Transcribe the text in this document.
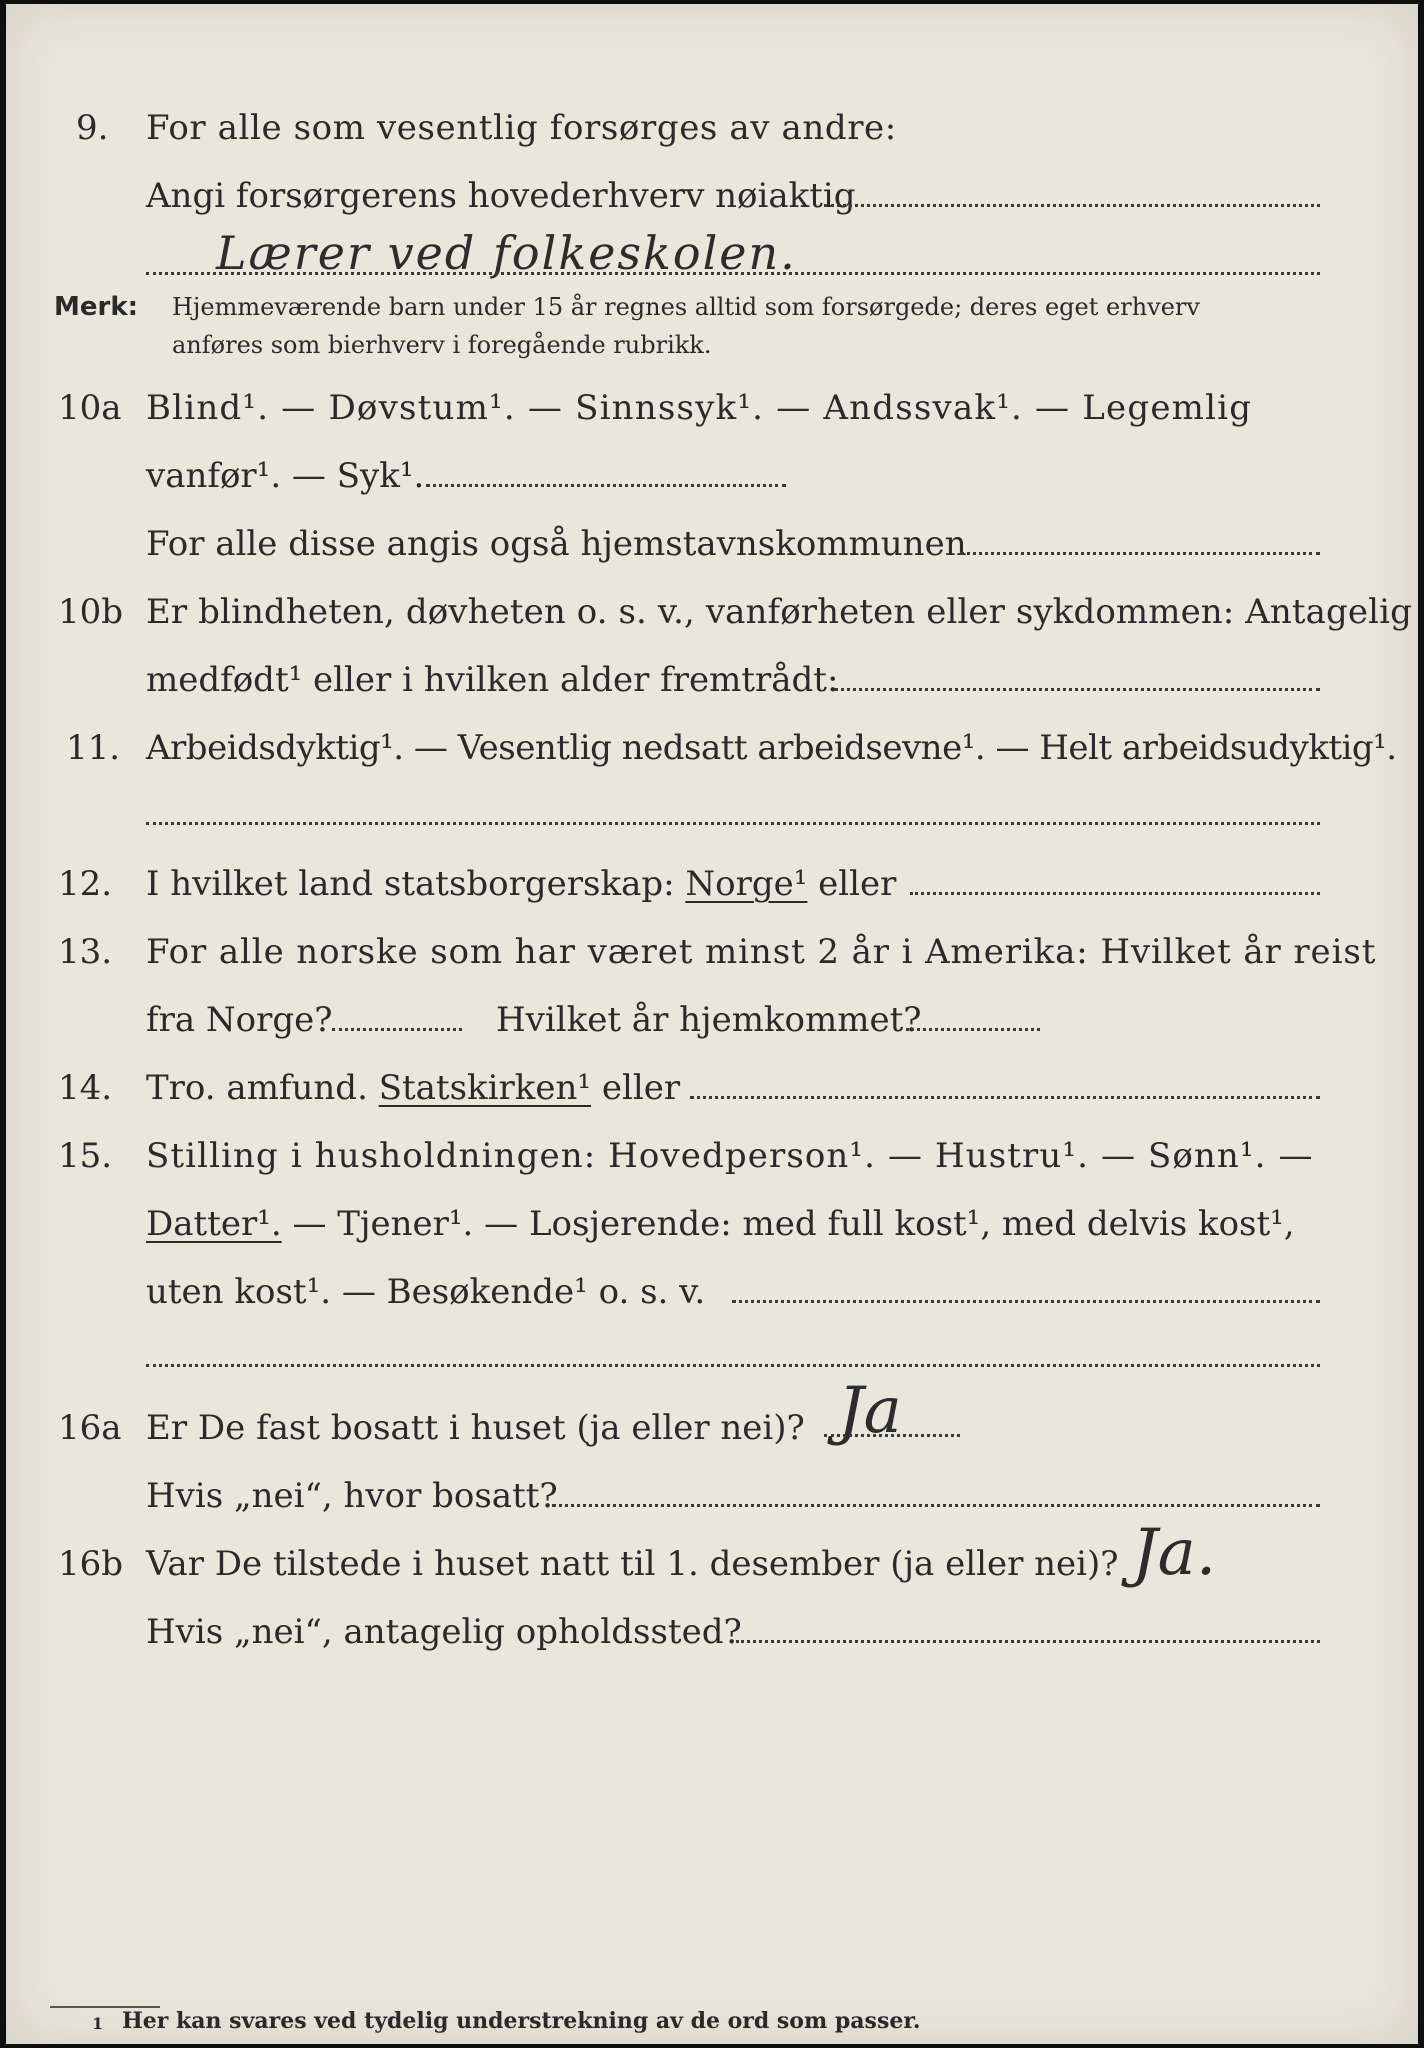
9. For alle som vesentlig forsørges av andre:
Angi forsørgerens hovederhverv nøiaktig
Lærer ved folkeskolen.
Merk: Hjemmeværende barn under 15 år regnes alltid som forsørgede; deres eget erhverv
anføres som bierhverv i foregående rubrikk.
10a Blind¹. — Døvstum¹. — Sinnssyk¹. — Andssvak¹. — Legemlig
vanfør¹. — Syk¹.
For alle disse angis også hjemstavnskommunen
10b Er blindheten, døvheten o. s. v., vanførheten eller sykdommen: Antagelig
medfødt¹ eller i hvilken alder fremtrådt:
11. Arbeidsdyktig¹. — Vesentlig nedsatt arbeidsevne¹. — Helt arbeidsudyktig¹.
12. I hvilket land statsborgerskap: Norge¹ eller
13. For alle norske som har været minst 2 år i Amerika: Hvilket år reist
fra Norge?	Hvilket år hjemkommet?
14. Tro. amfund. Statskirken¹ eller
15. Stilling i husholdningen: Hovedperson¹. — Hustru¹. — Sønn¹. —
Datter¹. — Tjener¹. — Losjerende: med full kost¹, med delvis kost¹,
uten kost¹. — Besøkende¹ o. s. v.
16a Er De fast bosatt i huset (ja eller nei)? Ja
Hvis „nei“, hvor bosatt?
16b Var De tilstede i huset natt til 1. desember (ja eller nei)? Ja.
Hvis „nei“, antagelig opholdssted?
1 Her kan svares ved tydelig understrekning av de ord som passer.
